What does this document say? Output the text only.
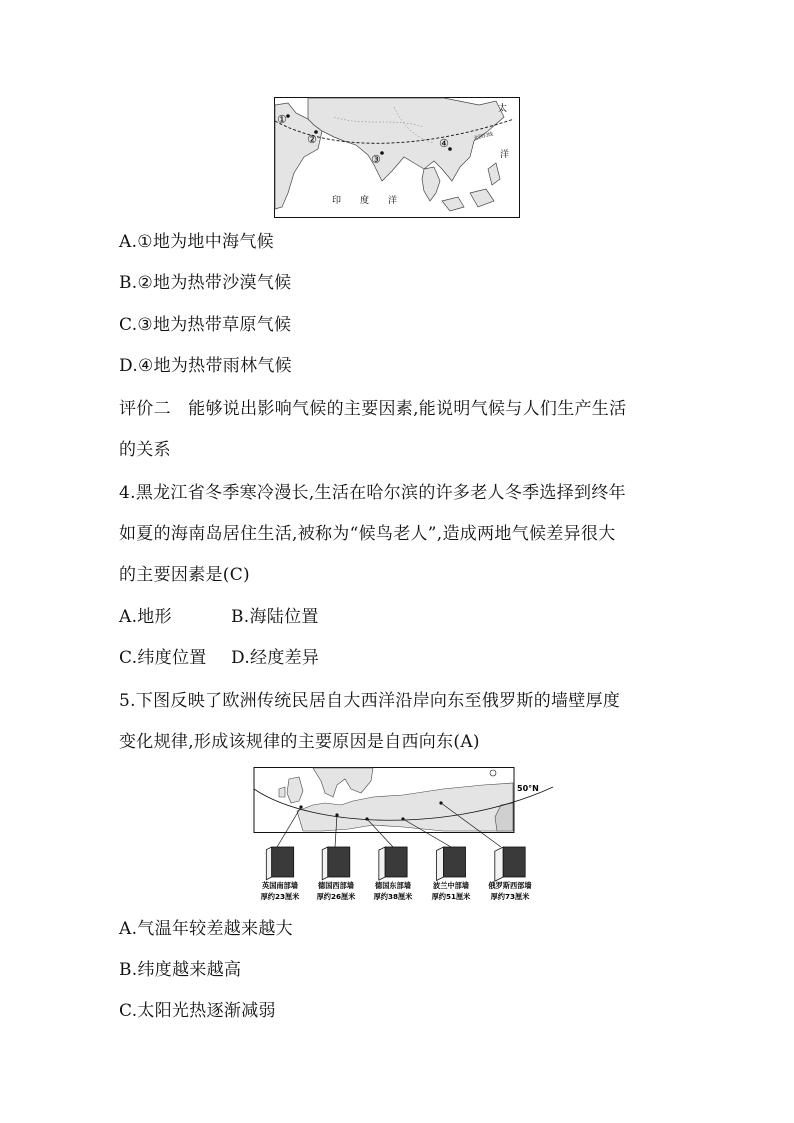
北回归线
①
②
③
④
太
洋
印 度 洋
A.①地为地中海气候
B.②地为热带沙漠气候
C.③地为热带草原气候
D.④地为热带雨林气候
评价二　能够说出影响气候的主要因素,能说明气候与人们生产生活
的关系
4.黑龙江省冬季寒冷漫长,生活在哈尔滨的许多老人冬季选择到终年
如夏的海南岛居住生活,被称为“候鸟老人”,造成两地气候差异很大
的主要因素是(C)
A.地形	B.海陆位置
C.纬度位置 D.经度差异
5.下图反映了欧洲传统民居自大西洋沿岸向东至俄罗斯的墙壁厚度
变化规律,形成该规律的主要原因是自西向东(A)
50°N
英国南部墙
厚约23厘米
德国西部墙
厚约26厘米
德国东部墙
厚约38厘米
波兰中部墙
厚约51厘米
俄罗斯西部墙
厚约73厘米
A.气温年较差越来越大
B.纬度越来越高
C.太阳光热逐渐减弱
